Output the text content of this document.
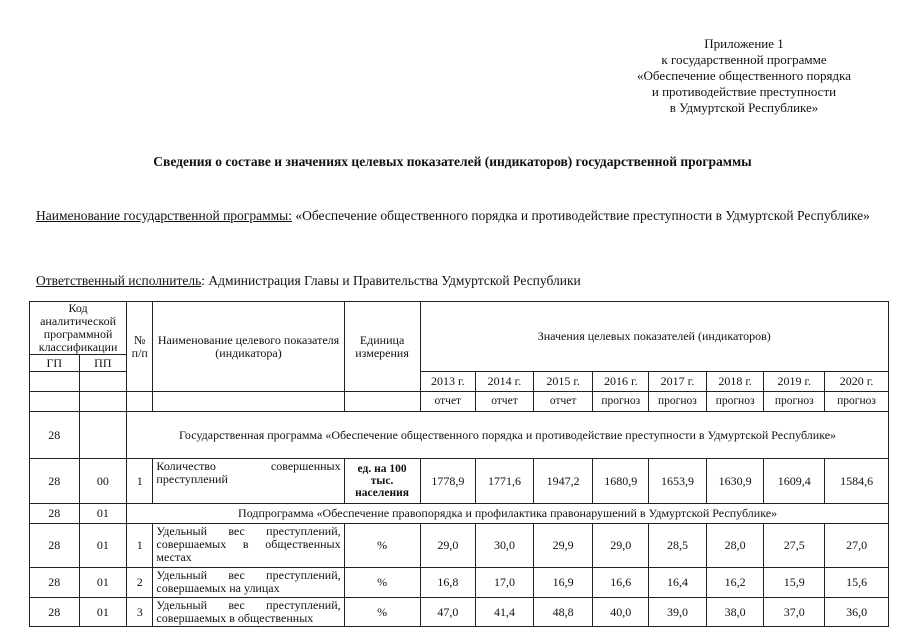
Приложение 1
к государственной программе
«Обеспечение общественного порядка
и противодействие преступности
в Удмуртской Республике»
Сведения о составе и значениях целевых показателей (индикаторов) государственной программы
Наименование государственной программы: «Обеспечение общественного порядка и противодействие преступности в Удмуртской Республике»
Ответственный исполнитель: Администрация Главы и Правительства Удмуртской Республики
Код аналитической программной классификации		№ п/п	Наименование целевого показателя (индикатора)	Единица измерения	Значения целевых показателей (индикаторов)							
ГП	ПП											
					2013 г.	2014 г.	2015 г.	2016 г.	2017 г.	2018 г.	2019 г.	2020 г.
					отчет	отчет	отчет	прогноз	прогноз	прогноз	прогноз	прогноз
28		Государственная программа «Обеспечение общественного порядка и противодействие преступности в Удмуртской Республике»										
28	00	1	Количество совершенных преступлений	ед. на 100 тыс. населения	1778,9	1771,6	1947,2	1680,9	1653,9	1630,9	1609,4	1584,6
28	01	Подпрограмма «Обеспечение правопорядка и профилактика правонарушений в Удмуртской Республике»										
28	01	1	Удельный вес преступлений, совершаемых в общественных местах	%	29,0	30,0	29,9	29,0	28,5	28,0	27,5	27,0
28	01	2	Удельный вес преступлений, совершаемых на улицах	%	16,8	17,0	16,9	16,6	16,4	16,2	15,9	15,6
28	01	3	Удельный вес преступлений, совершаемых в общественных	%	47,0	41,4	48,8	40,0	39,0	38,0	37,0	36,0
